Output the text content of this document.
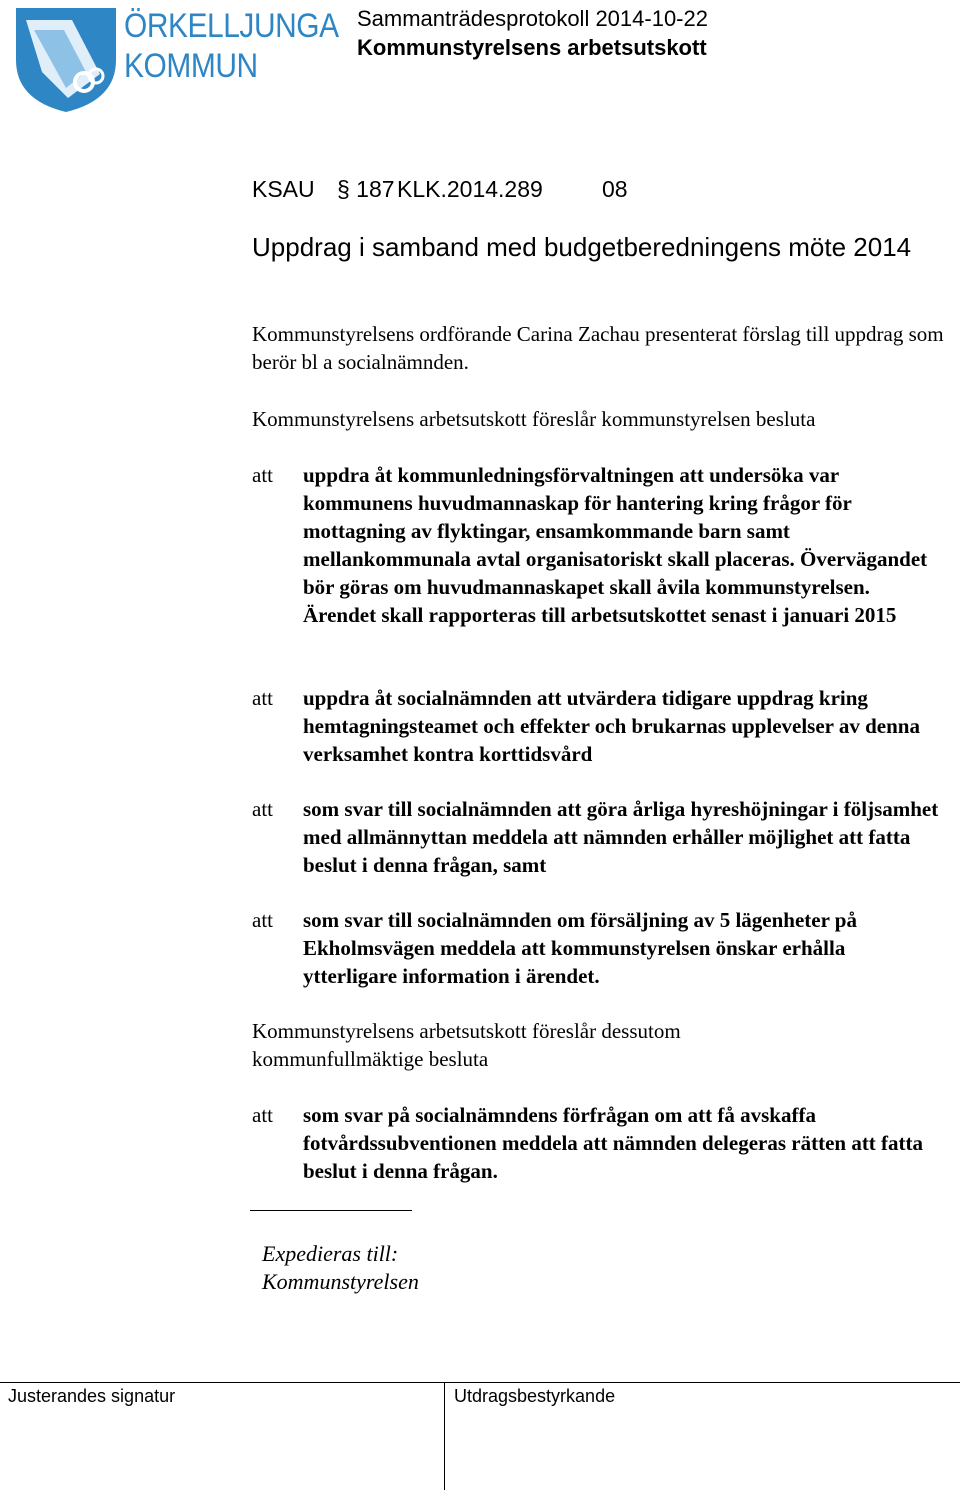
ÖRKELLJUNGA
KOMMUN
Sammanträdesprotokoll 2014-10-22
Kommunstyrelsens arbetsutskott
KSAU § 187 KLK.2014.289	08
Uppdrag i samband med budgetberedningens möte 2014
Kommunstyrelsens ordförande Carina Zachau presenterat förslag till uppdrag som berör bl a socialnämnden.
Kommunstyrelsens arbetsutskott föreslår kommunstyrelsen besluta
att uppdra åt kommunledningsförvaltningen att undersöka var kommunens huvudmannaskap för hantering kring frågor för mottagning av flyktingar, ensamkommande barn samt mellankommunala avtal organisatoriskt skall placeras. Övervägandet bör göras om huvudmannaskapet skall åvila kommunstyrelsen. Ärendet skall rapporteras till arbetsutskottet senast i januari 2015
att uppdra åt socialnämnden att utvärdera tidigare uppdrag kring hemtagningsteamet och effekter och brukarnas upplevelser av denna verksamhet kontra korttidsvård
att som svar till socialnämnden att göra årliga hyreshöjningar i följsamhet med allmännyttan meddela att nämnden erhåller möjlighet att fatta beslut i denna frågan, samt
att som svar till socialnämnden om försäljning av 5 lägenheter på Ekholmsvägen meddela att kommunstyrelsen önskar erhålla ytterligare information i ärendet.
Kommunstyrelsens arbetsutskott föreslår dessutom kommunfullmäktige besluta
att som svar på socialnämndens förfrågan om att få avskaffa fotvårdssubventionen meddela att nämnden delegeras rätten att fatta beslut i denna frågan.
Expedieras till:
Kommunstyrelsen
Justerandes signatur	Utdragsbestyrkande
